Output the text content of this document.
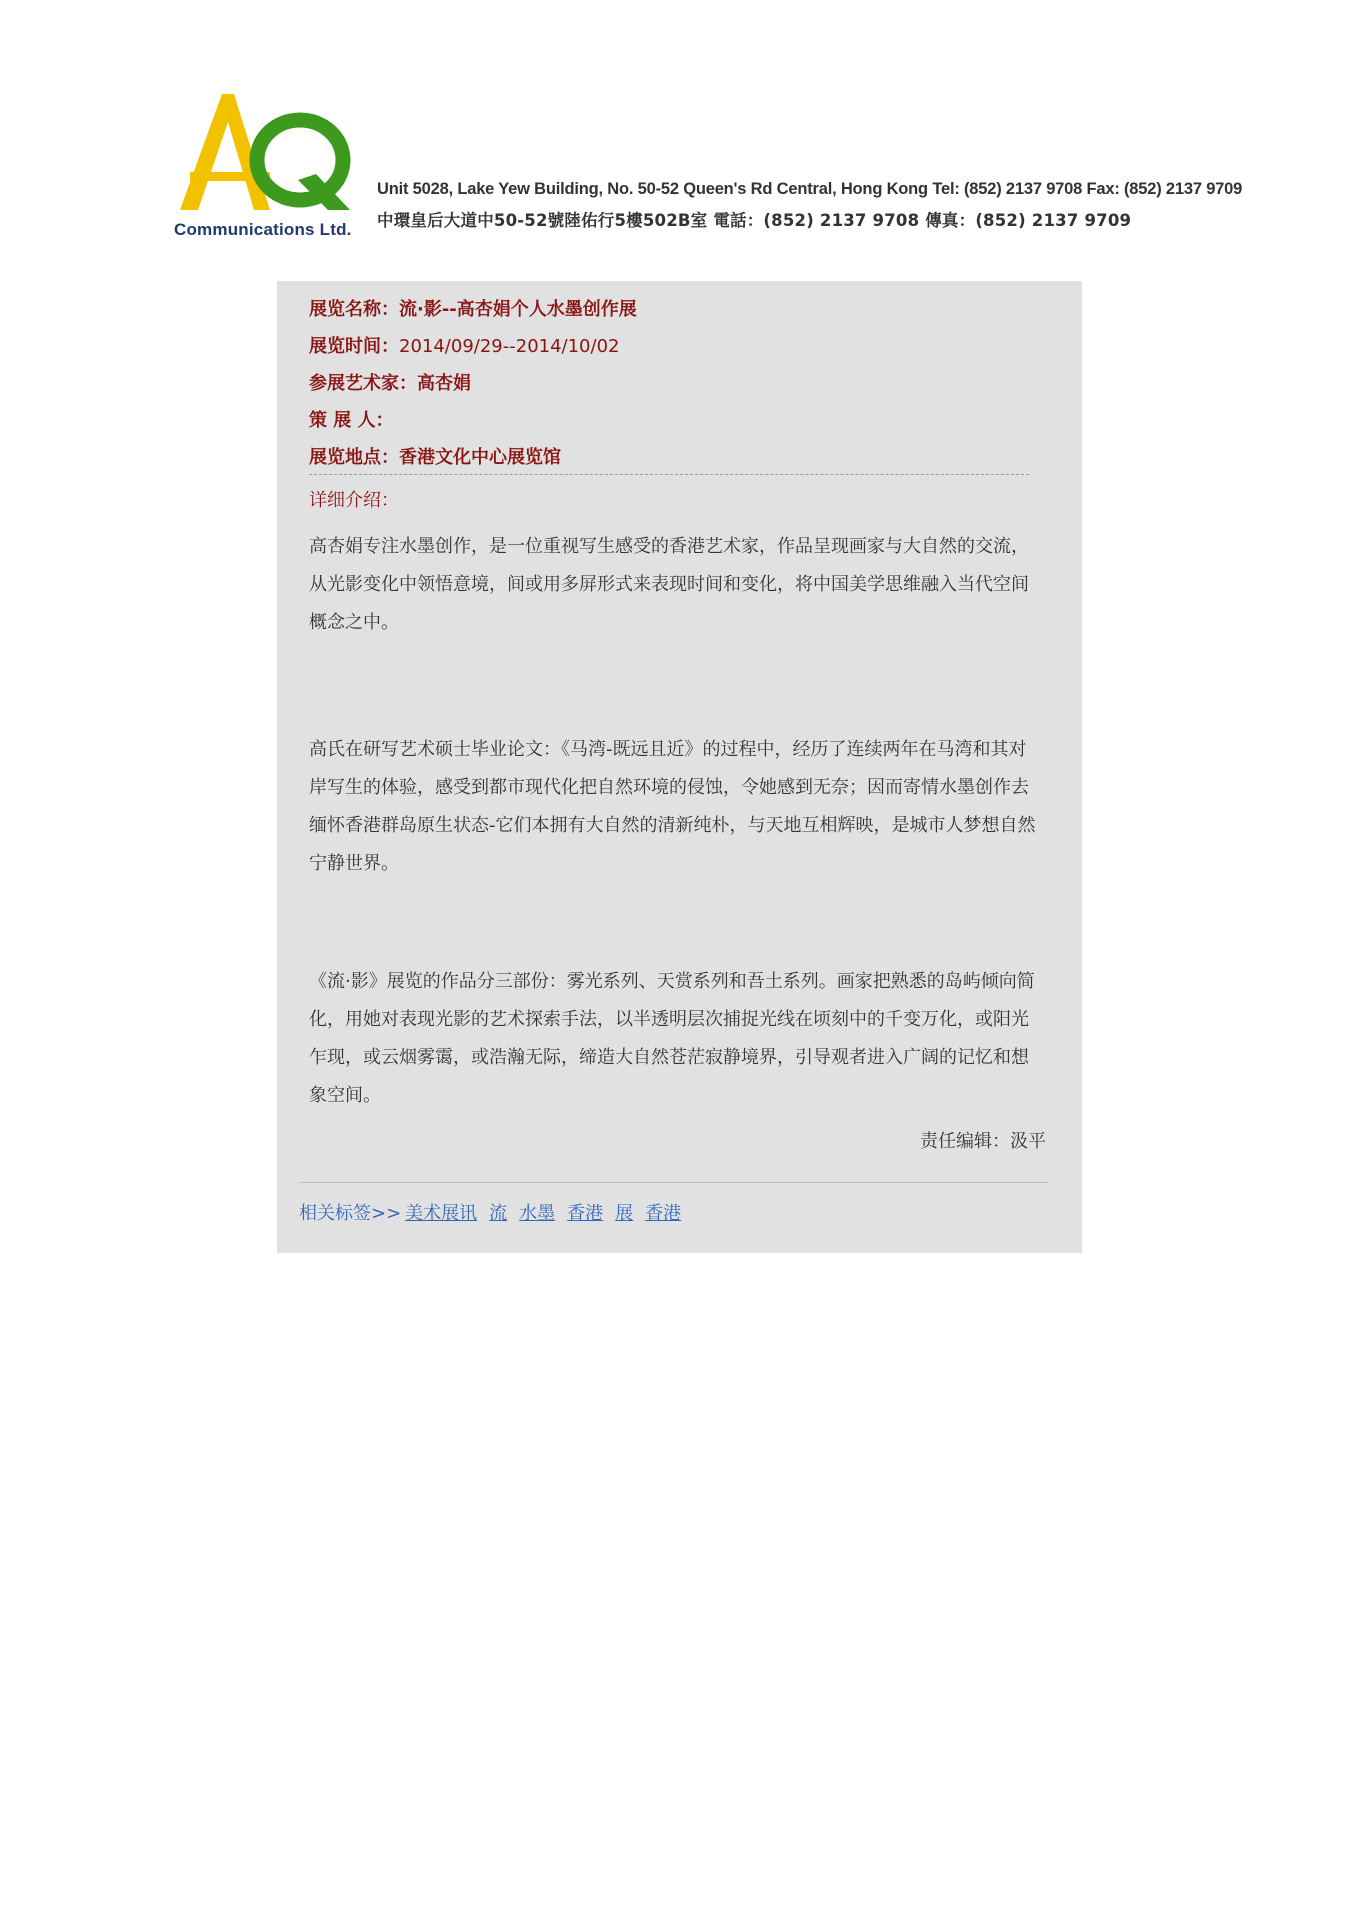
Communications Ltd.
Unit 5028, Lake Yew Building, No. 50-52 Queen's Rd Central, Hong Kong Tel: (852) 2137 9708 Fax: (852) 2137 9709
中環皇后大道中50-52號陸佑行5樓502B室 電話：(852) 2137 9708 傳真：(852) 2137 9709
展览名称：流·影--高杏娟个人水墨创作展
展览时间：2014/09/29--2014/10/02
参展艺术家：高杏娟
策 展 人：
展览地点：香港文化中心展览馆
详细介绍：

高杏娟专注水墨创作，是一位重视写生感受的香港艺术家，作品呈现画家与大自然的交流，从光影变化中领悟意境，间或用多屏形式来表现时间和变化，将中国美学思维融入当代空间概念之中。

高氏在研写艺术硕士毕业论文：《马湾-既远且近》的过程中，经历了连续两年在马湾和其对岸写生的体验，感受到都市现代化把自然环境的侵蚀，令她感到无奈；因而寄情水墨创作去缅怀香港群岛原生状态-它们本拥有大自然的清新纯朴，与天地互相辉映，是城市人梦想自然宁静世界。

《流·影》展览的作品分三部份：雾光系列、天赏系列和吾土系列。画家把熟悉的岛屿倾向简化，用她对表现光影的艺术探索手法，以半透明层次捕捉光线在顷刻中的千变万化，或阳光乍现，或云烟雾霭，或浩瀚无际，缔造大自然苍茫寂静境界，引导观者进入广阔的记忆和想象空间。

责任编辑：汲平
相关标签>> 美术展讯 流 水墨 香港 展 香港
